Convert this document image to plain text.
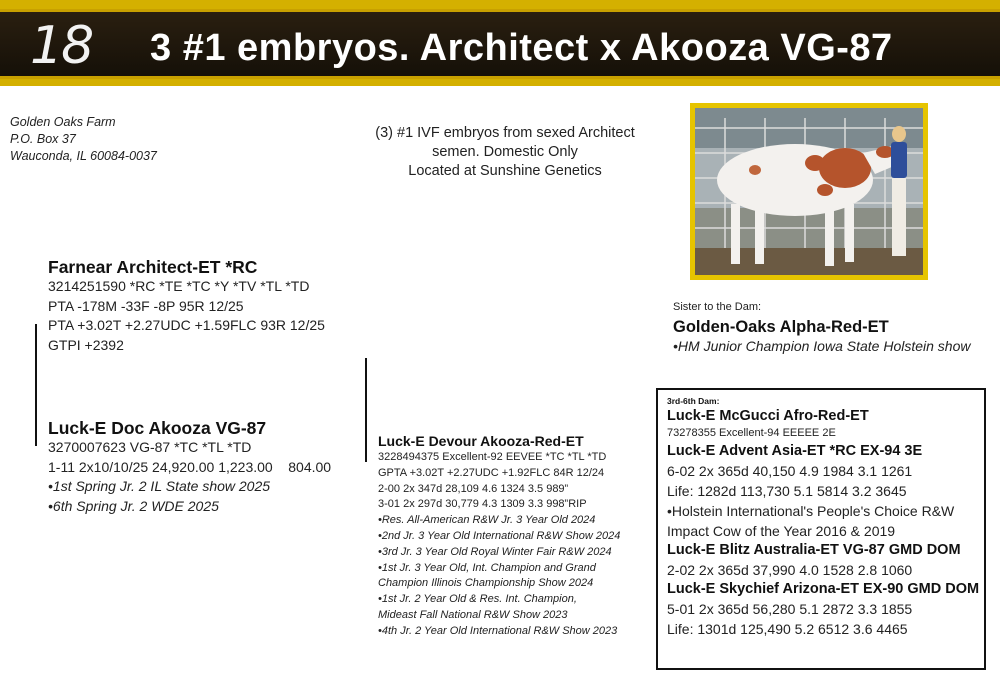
18 3 #1 embryos. Architect x Akooza VG-87
Golden Oaks Farm
P.O. Box 37
Wauconda, IL 60084-0037
(3) #1 IVF embryos from sexed Architect
semen. Domestic Only
Located at Sunshine Genetics
Farnear Architect-ET *RC
3214251590 *RC *TE *TC *Y *TV *TL *TD
PTA -178M -33F -8P 95R 12/25
PTA +3.02T +2.27UDC +1.59FLC 93R 12/25
GTPI +2392
Sister to the Dam:
Golden-Oaks Alpha-Red-ET
•HM Junior Champion Iowa State Holstein show
Luck-E Doc Akooza VG-87
3270007623 VG-87 *TC *TL *TD
1-11 2x10/10/25 24,920.00 1,223.00    804.00
•1st Spring Jr. 2 IL State show 2025
•6th Spring Jr. 2 WDE 2025
Luck-E Devour Akooza-Red-ET
3228494375 Excellent-92 EEVEE *TC *TL *TD
GPTA +3.02T +2.27UDC +1.92FLC 84R 12/24
2-00 2x 347d 28,109 4.6 1324 3.5 989”
3-01 2x 297d 30,779 4.3 1309 3.3 998”RIP
•Res. All-American R&W Jr. 3 Year Old 2024
•2nd Jr. 3 Year Old International R&W Show 2024
•3rd Jr. 3 Year Old Royal Winter Fair R&W 2024
•1st Jr. 3 Year Old, Int. Champion and Grand
Champion Illinois Championship Show 2024
•1st Jr. 2 Year Old & Res. Int. Champion,
Mideast Fall National R&W Show 2023
•4th Jr. 2 Year Old International R&W Show 2023
3rd-6th Dam:
Luck-E McGucci Afro-Red-ET
73278355 Excellent-94 EEEEE 2E
Luck-E Advent Asia-ET *RC EX-94 3E
6-02 2x 365d 40,150 4.9 1984 3.1 1261
Life: 1282d 113,730 5.1 5814 3.2 3645
•Holstein International's People's Choice R&W
Impact Cow of the Year 2016 & 2019
Luck-E Blitz Australia-ET VG-87 GMD DOM
2-02 2x 365d 37,990 4.0 1528 2.8 1060
Luck-E Skychief Arizona-ET EX-90 GMD DOM
5-01 2x 365d 56,280 5.1 2872 3.3 1855
Life: 1301d 125,490 5.2 6512 3.6 4465
